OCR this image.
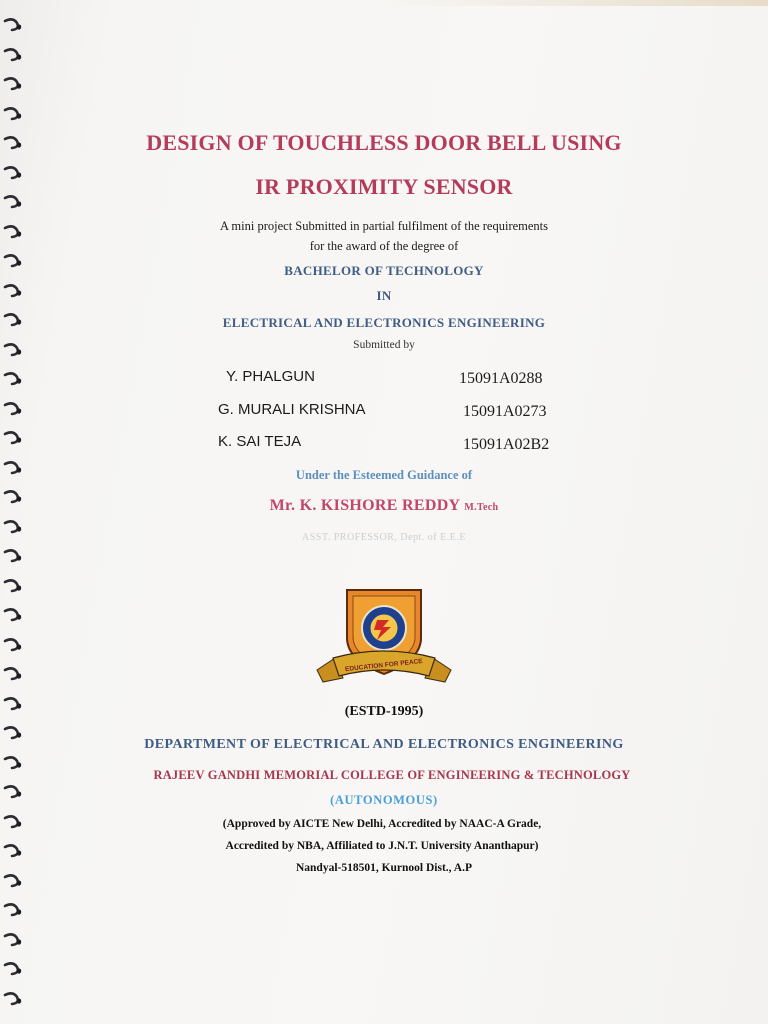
DESIGN OF TOUCHLESS DOOR BELL USING
IR PROXIMITY SENSOR
A mini project Submitted in partial fulfilment of the requirements
for the award of the degree of
BACHELOR OF TECHNOLOGY
IN
ELECTRICAL AND ELECTRONICS ENGINEERING
Submitted by
Y. PHALGUN	15091A0288
G. MURALI KRISHNA	15091A0273
K. SAI TEJA	15091A02B2
Under the Esteemed Guidance of
Mr. K. KISHORE REDDY M.Tech
ASST. PROFESSOR, Dept. of E.E.E
EDUCATION FOR PEACE
(ESTD-1995)
DEPARTMENT OF ELECTRICAL AND ELECTRONICS ENGINEERING
RAJEEV GANDHI MEMORIAL COLLEGE OF ENGINEERING & TECHNOLOGY
(AUTONOMOUS)
(Approved by AICTE New Delhi, Accredited by NAAC-A Grade,
Accredited by NBA, Affiliated to J.N.T. University Ananthapur)
Nandyal-518501, Kurnool Dist., A.P
